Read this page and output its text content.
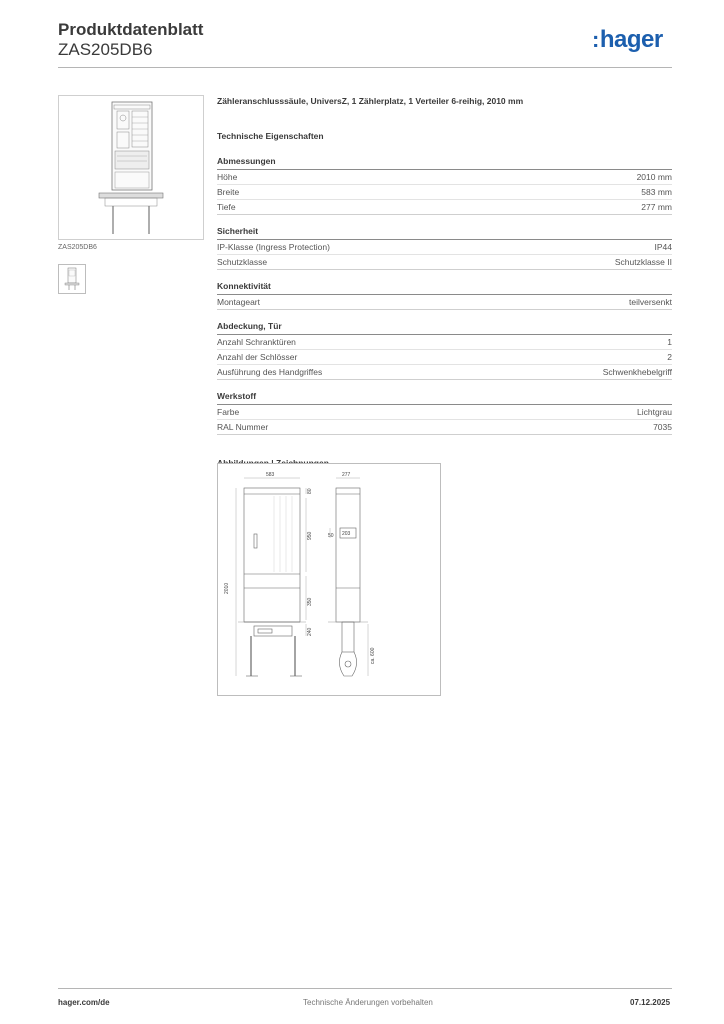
Produktdatenblatt
ZAS205DB6	:hager
ZAS205DB6

Zähleranschlusssäule, UniversZ, 1 Zählerplatz, 1 Verteiler 6-reihig, 2010 mm

Technische Eigenschaften
Abmessungen
Höhe	2010 mm
Breite	583 mm
Tiefe	277 mm
Sicherheit
IP-Klasse (Ingress Protection)	IP44
Schutzklasse	Schutzklasse II
Konnektivität
Montageart	teilversenkt
Abdeckung, Tür
Anzahl Schranktüren	1
Anzahl der Schlösser	2
Ausführung des Handgriffes	Schwenkhebelgriff
Werkstoff
Farbe	Lichtgrau
RAL Nummer	7035
583	277
2010
80
950
350
240
ca. 600
50 203
hager.com/de	Technische Änderungen vorbehalten	07.12.2025
